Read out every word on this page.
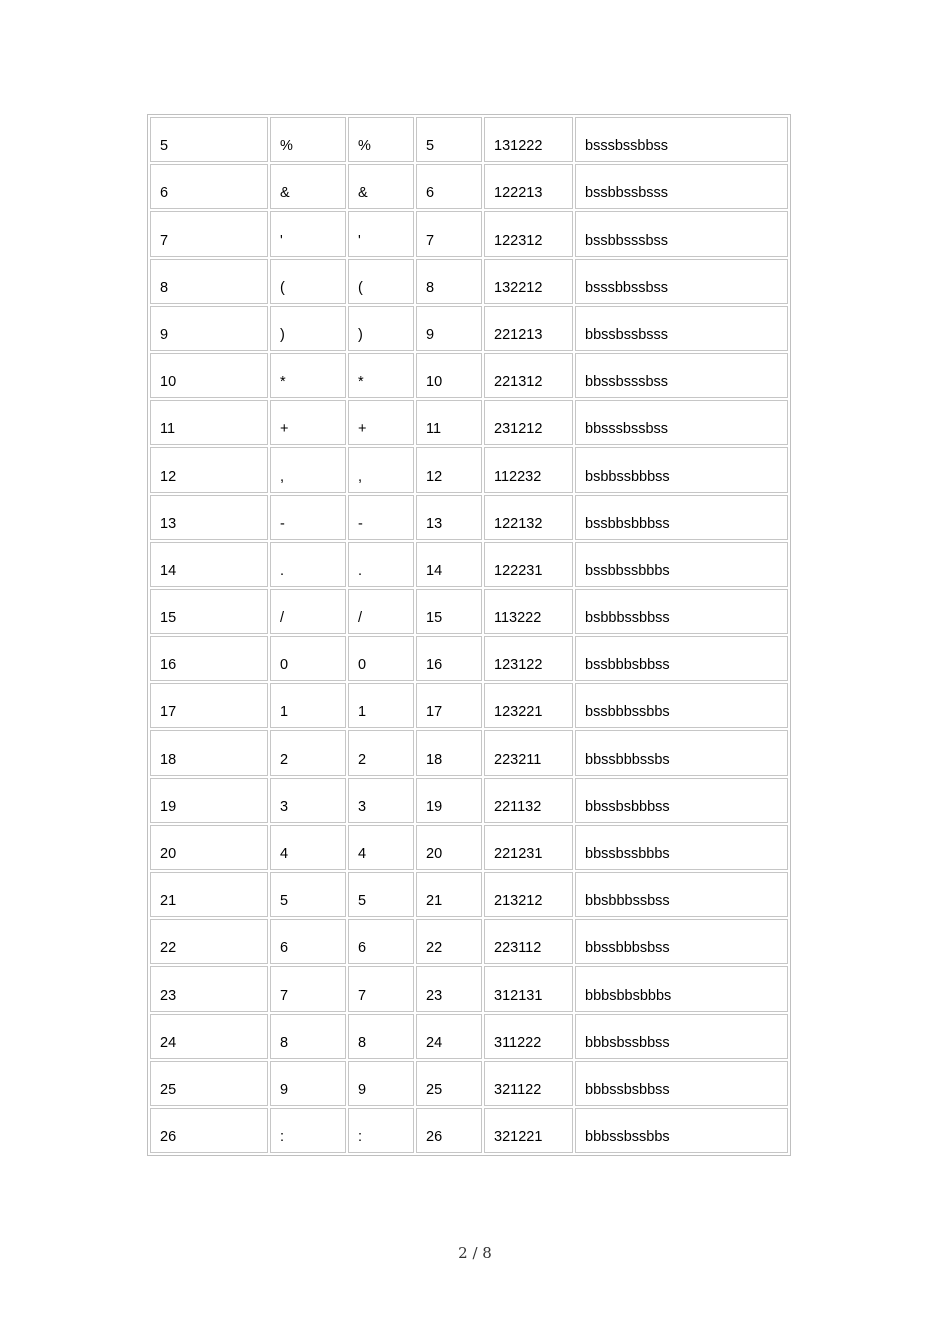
5	%	%	5	131222	bsssbssbbss
6	&	&	6	122213	bssbbssbsss
7	'	'	7	122312	bssbbsssbss
8	(	(	8	132212	bsssbbssbss
9	)	)	9	221213	bbssbssbsss
10	*	*	10	221312	bbssbsssbss
11	+	+	11	231212	bbsssbssbss
12	,	,	12	112232	bsbbssbbbss
13	-	-	13	122132	bssbbsbbbss
14	.	.	14	122231	bssbbssbbbs
15	/	/	15	113222	bsbbbssbbss
16	0	0	16	123122	bssbbbsbbss
17	1	1	17	123221	bssbbbssbbs
18	2	2	18	223211	bbssbbbssbs
19	3	3	19	221132	bbssbsbbbss
20	4	4	20	221231	bbssbssbbbs
21	5	5	21	213212	bbsbbbssbss
22	6	6	22	223112	bbssbbbsbss
23	7	7	23	312131	bbbsbbsbbbs
24	8	8	24	311222	bbbsbssbbss
25	9	9	25	321122	bbbssbsbbss
26	:	:	26	321221	bbbssbssbbs
2 / 8
